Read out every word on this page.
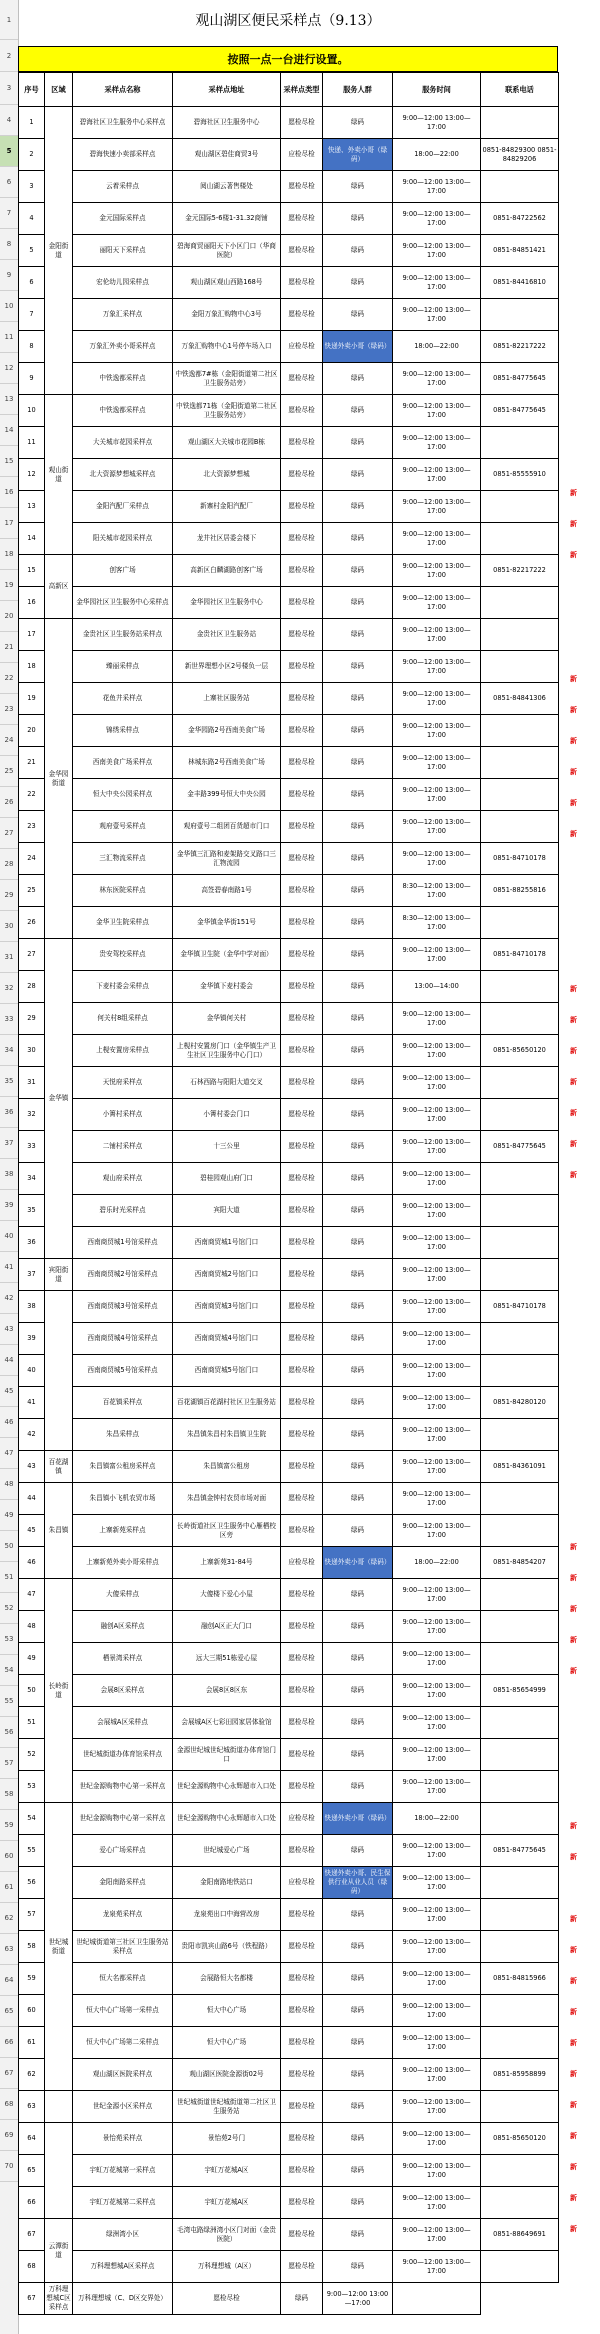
1
2
3
4
5
6
7
8
9
10
11
12
13
14
15
16
17
18
19
20
21
22
23
24
25
26
27
28
29
30
31
32
33
34
35
36
37
38
39
40
41
42
43
44
45
46
47
48
49
50
51
52
53
54
55
56
57
58
59
60
61
62
63
64
65
66
67
68
69
70
观山湖区便民采样点（9.13）
按照一点一台进行设置。
序号	区域	采样点名称	采样点地址	采样点类型	服务人群	服务时间	联系电话
1	金阳街道	碧海社区卫生服务中心采样点	碧海社区卫生服务中心	愿检尽检	绿码	9:00—12:00 13:00—17:00	
2		碧海快速小卖部采样点	观山湖区碧佳商贸3号	应检尽检	快递、外卖小哥（绿码）	18:00—22:00	0851-84829300 0851-84829206
3		云着采样点	阅山湖云著售楼处	愿检尽检	绿码	9:00—12:00 13:00—17:00	
4		金元国际采样点	金元国际5-6楼1-31.32商铺	愿检尽检	绿码	9:00—12:00 13:00—17:00	0851-84722562
5		丽阳天下采样点	碧海商贸丽阳天下小区门口（华商医院）	愿检尽检	绿码	9:00—12:00 13:00—17:00	0851-84851421
6		宏伦幼儿园采样点	观山湖区观山西路168号	愿检尽检	绿码	9:00—12:00 13:00—17:00	0851-84416810
7		万象汇采样点	金阳万象汇购物中心3号	愿检尽检	绿码	9:00—12:00 13:00—17:00	
8		万象汇外卖小哥采样点	万象汇购物中心1号停车场入口	应检尽检	快递外卖小哥（绿码）	18:00—22:00	0851-82217222
9		中铁逸都采样点	中铁逸都7#栋（金阳街道第二社区卫生服务站旁）	愿检尽检	绿码	9:00—12:00 13:00—17:00	0851-84775645
10	观山街道	中铁逸都采样点	中铁逸都71栋（金阳街道第二社区卫生服务站旁）	愿检尽检	绿码	9:00—12:00 13:00—17:00	0851-84775645
11		大关城市花园采样点	观山湖区大关城市花园B栋	愿检尽检	绿码	9:00—12:00 13:00—17:00	
12		北大资源梦想城采样点	北大资源梦想城	愿检尽检	绿码	9:00—12:00 13:00—17:00	0851-85555910
13		金阳汽配厂采样点	新寨村金阳汽配厂	愿检尽检	绿码	9:00—12:00 13:00—17:00	
14		阳关城市花园采样点	龙井社区居委会楼下	愿检尽检	绿码	9:00—12:00 13:00—17:00	
15	高新区	创客广场	高新区白麟湖路创客广场	愿检尽检	绿码	9:00—12:00 13:00—17:00	0851-82217222
16		金华园社区卫生服务中心采样点	金华园社区卫生服务中心	愿检尽检	绿码	9:00—12:00 13:00—17:00	
17	金华园街道	金贵社区卫生服务站采样点	金贵社区卫生服务站	愿检尽检	绿码	9:00—12:00 13:00—17:00	
18		臻丽采样点	新世界理想小区2号楼负一层	愿检尽检	绿码	9:00—12:00 13:00—17:00	
19		花鱼井采样点	上寨社区服务站	愿检尽检	绿码	9:00—12:00 13:00—17:00	0851-84841306
20		锦绣采样点	金华园路2号西南美食广场	愿检尽检	绿码	9:00—12:00 13:00—17:00	
21		西南美食广场采样点	林城东路2号西南美食广场	愿检尽检	绿码	9:00—12:00 13:00—17:00	
22		恒大中央公园采样点	金丰路399号恒大中央公园	愿检尽检	绿码	9:00—12:00 13:00—17:00	
23		观府壹号采样点	观府壹号二组团百货超市门口	愿检尽检	绿码	9:00—12:00 13:00—17:00	
24		三汇物流采样点	金华镇三汇路和麦架路交叉路口三汇物流园	愿检尽检	绿码	9:00—12:00 13:00—17:00	0851-84710178
25		林东医院采样点	高签碧春南路1号	愿检尽检	绿码	8:30—12:00 13:00—17:00	0851-88255816
26		金华卫生院采样点	金华镇金华街151号	愿检尽检	绿码	8:30—12:00 13:00—17:00	
27	金华镇	贵安驾校采样点	金华镇卫生院（金华中学对面）	愿检尽检	绿码	9:00—12:00 13:00—17:00	0851-84710178
28		下麦村委会采样点	金华镇下麦村委会	愿检尽检	绿码	13:00—14:00	
29		何关村8组采样点	金华镇何关村	愿检尽检	绿码	9:00—12:00 13:00—17:00	
30		上枧安置房采样点	上枧村安置房门口（金华镇生产卫生社区卫生服务中心门口）	愿检尽检	绿码	9:00—12:00 13:00—17:00	0851-85650120
31		天悦府采样点	石林西路与阳阳大道交叉	愿检尽检	绿码	9:00—12:00 13:00—17:00	
32		小箐村采样点	小箐村委会门口	愿检尽检	绿码	9:00—12:00 13:00—17:00	
33		二铺村采样点	十三公里	愿检尽检	绿码	9:00—12:00 13:00—17:00	0851-84775645
34		观山府采样点	碧桂园观山府门口	愿检尽检	绿码	9:00—12:00 13:00—17:00	
35		碧乐时光采样点	宾阳大道	愿检尽检	绿码	9:00—12:00 13:00—17:00	
36		西南商贸城1号馆采样点	西南商贸城1号馆门口	愿检尽检	绿码	9:00—12:00 13:00—17:00	
37	宾阳街道	西南商贸城2号馆采样点	西南商贸城2号馆门口	愿检尽检	绿码	9:00—12:00 13:00—17:00	
38		西南商贸城3号馆采样点	西南商贸城3号馆门口	愿检尽检	绿码	9:00—12:00 13:00—17:00	0851-84710178
39		西南商贸城4号馆采样点	西南商贸城4号馆门口	愿检尽检	绿码	9:00—12:00 13:00—17:00	
40		西南商贸城5号馆采样点	西南商贸城5号馆门口	愿检尽检	绿码	9:00—12:00 13:00—17:00	
41		百花镇采样点	百花湖镇百花湖村社区卫生服务站	愿检尽检	绿码	9:00—12:00 13:00—17:00	0851-84280120
42		朱昌采样点	朱昌镇朱昌村朱昌镇卫生院	愿检尽检	绿码	9:00—12:00 13:00—17:00	
43	百花湖镇	朱昌镇富公租房采样点	朱昌镇富公租房	愿检尽检	绿码	9:00—12:00 13:00—17:00	0851-84361091
44	朱昌镇	朱昌镇小飞机农贸市场	朱昌镇金钟村农贸市场对面	愿检尽检	绿码	9:00—12:00 13:00—17:00	
45		上寨新苑采样点	长岭街道社区卫生服务中心雁栖校区旁	愿检尽检	绿码	9:00—12:00 13:00—17:00	
46		上寨新苑外卖小哥采样点	上寨新苑31-84号	应检尽检	快递外卖小哥（绿码）	18:00—22:00	0851-84854207
47	长岭街道	大傻采样点	大傻楼下爱心小屋	愿检尽检	绿码	9:00—12:00 13:00—17:00	
48		融创A区采样点	融创A区正大门口	愿检尽检	绿码	9:00—12:00 13:00—17:00	
49		栖景湾采样点	远大三期51栋爱心屋	愿检尽检	绿码	9:00—12:00 13:00—17:00	
50		会展8区采样点	会展8区8区东	愿检尽检	绿码	9:00—12:00 13:00—17:00	0851-85654999
51		会展城A区采样点	会展城A区七彩田园家居体验馆	愿检尽检	绿码	9:00—12:00 13:00—17:00	
52		世纪城街道办体育馆采样点	金源世纪城世纪城街道办体育馆门口	愿检尽检	绿码	9:00—12:00 13:00—17:00	
53		世纪金源购物中心第一采样点	世纪金源购物中心永辉超市入口处	愿检尽检	绿码	9:00—12:00 13:00—17:00	
54	世纪城街道	世纪金源购物中心第一采样点	世纪金源购物中心永辉超市入口处	应检尽检	快递外卖小哥（绿码）	18:00—22:00	
55		爱心广场采样点	世纪城爱心广场	愿检尽检	绿码	9:00—12:00 13:00—17:00	0851-84775645
56		金阳南路采样点	金阳南路地铁站口	应检尽检	快递外卖小哥、民生保供行业从业人员（绿码）	9:00—12:00 13:00—17:00	
57		龙泉苑采样点	龙泉苑出口中海营改房	愿检尽检	绿码	9:00—12:00 13:00—17:00	
58		世纪城街道第三社区卫生服务站采样点	贵阳市凯宾山路6号（铁程路）	愿检尽检	绿码	9:00—12:00 13:00—17:00	
59		恒大名都采样点	会展路恒大名都楼	愿检尽检	绿码	9:00—12:00 13:00—17:00	0851-84815966
60		恒大中心广场第一采样点	恒大中心广场	愿检尽检	绿码	9:00—12:00 13:00—17:00	
61		恒大中心广场第二采样点	恒大中心广场	愿检尽检	绿码	9:00—12:00 13:00—17:00	
62		观山湖区医院采样点	观山湖区医院金源街02号	愿检尽检	绿码	9:00—12:00 13:00—17:00	0851-85958899
63		世纪金源小区采样点	世纪城街道世纪城街道第二社区卫生服务站	愿检尽检	绿码	9:00—12:00 13:00—17:00	
64		景怡苑采样点	景怡苑2号门	愿检尽检	绿码	9:00—12:00 13:00—17:00	0851-85650120
65		宇虹万花城第一采样点	宇虹万花城A区	愿检尽检	绿码	9:00—12:00 13:00—17:00	
66		宇虹万花城第二采样点	宇虹万花城A区	愿检尽检	绿码	9:00—12:00 13:00—17:00	
67	云潭街道	绿洲湾小区	毛湾屯路绿洲湾小区门对面（金贵医院）	愿检尽检	绿码	9:00—12:00 13:00—17:00	0851-88649691
68		万科理想城A区采样点	万科理想城（A区）	愿检尽检	绿码	9:00—12:00 13:00—17:00	
67	万科理想城C区采样点	万科理想城（C、D区交界处）	愿检尽检	绿码	9:00—12:00 13:00—17:00		
新
新
新
新
新
新
新
新
新
新
新
新
新
新
新
新
新
新
新
新
新
新
新
新
新
新
新
新
新
新
新
新
新
新
